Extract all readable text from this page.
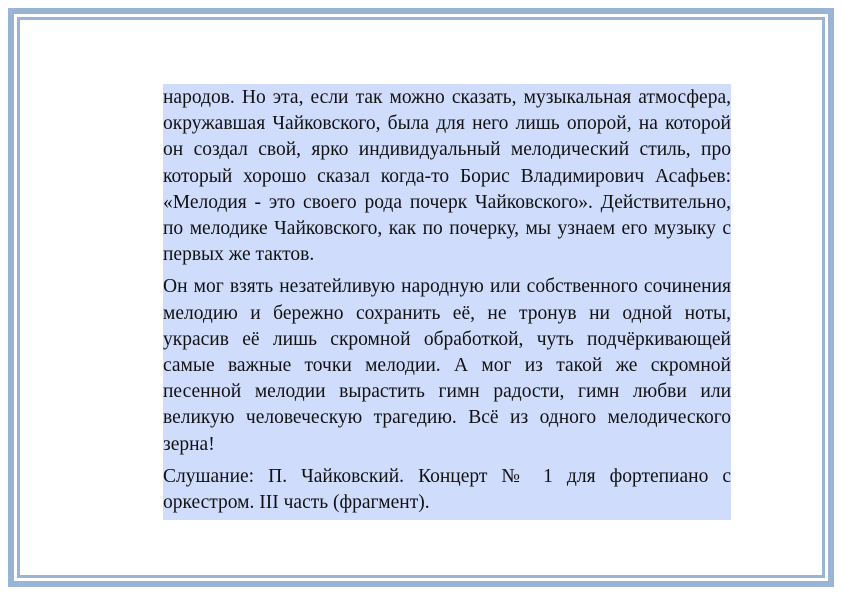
народов. Но эта, если так можно сказать, музыкальная атмосфера, окружавшая Чайковского, была для него лишь опорой, на которой он создал свой, ярко индивидуальный мелодический стиль, про который хорошо сказал когда-то Борис Владимирович Асафьев: «Мелодия - это своего рода почерк Чайковского». Действительно, по мелодике Чайковского, как по почерку, мы узнаем его музыку с первых же тактов.

Он мог взять незатейливую народную или собственного сочинения мелодию и бережно сохранить её, не тронув ни одной ноты, украсив её лишь скромной обработкой, чуть подчёркивающей самые важные точки мелодии. А мог из такой же скромной песенной мелодии вырастить гимн радости, гимн любви или великую человеческую трагедию. Всё из одного мелодического зерна!

Слушание: П. Чайковский. Концерт № 1 для фортепиано с оркестром. III часть (фрагмент).
